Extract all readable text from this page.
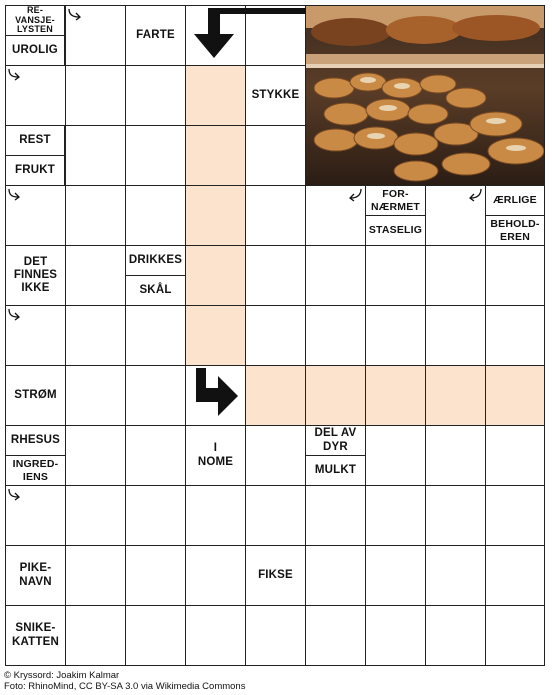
RE-
VANSJE-
LYSTEN
UROLIG
FARTE
STYKKE
REST
FRUKT
FOR-
NÆRMET
STASELIG
ÆRLIGE
BEHOLD-
EREN
DET
FINNES
IKKE
DRIKKES
SKÅL
STRØM
RHESUS
INGRED-
IENS
I
NOME
DEL AV
DYR
MULKT
PIKE-
NAVN
FIKSE
SNIKE-
KATTEN
© Kryssord: Joakim Kalmar
Foto: RhinoMind, CC BY-SA 3.0 via Wikimedia Commons
